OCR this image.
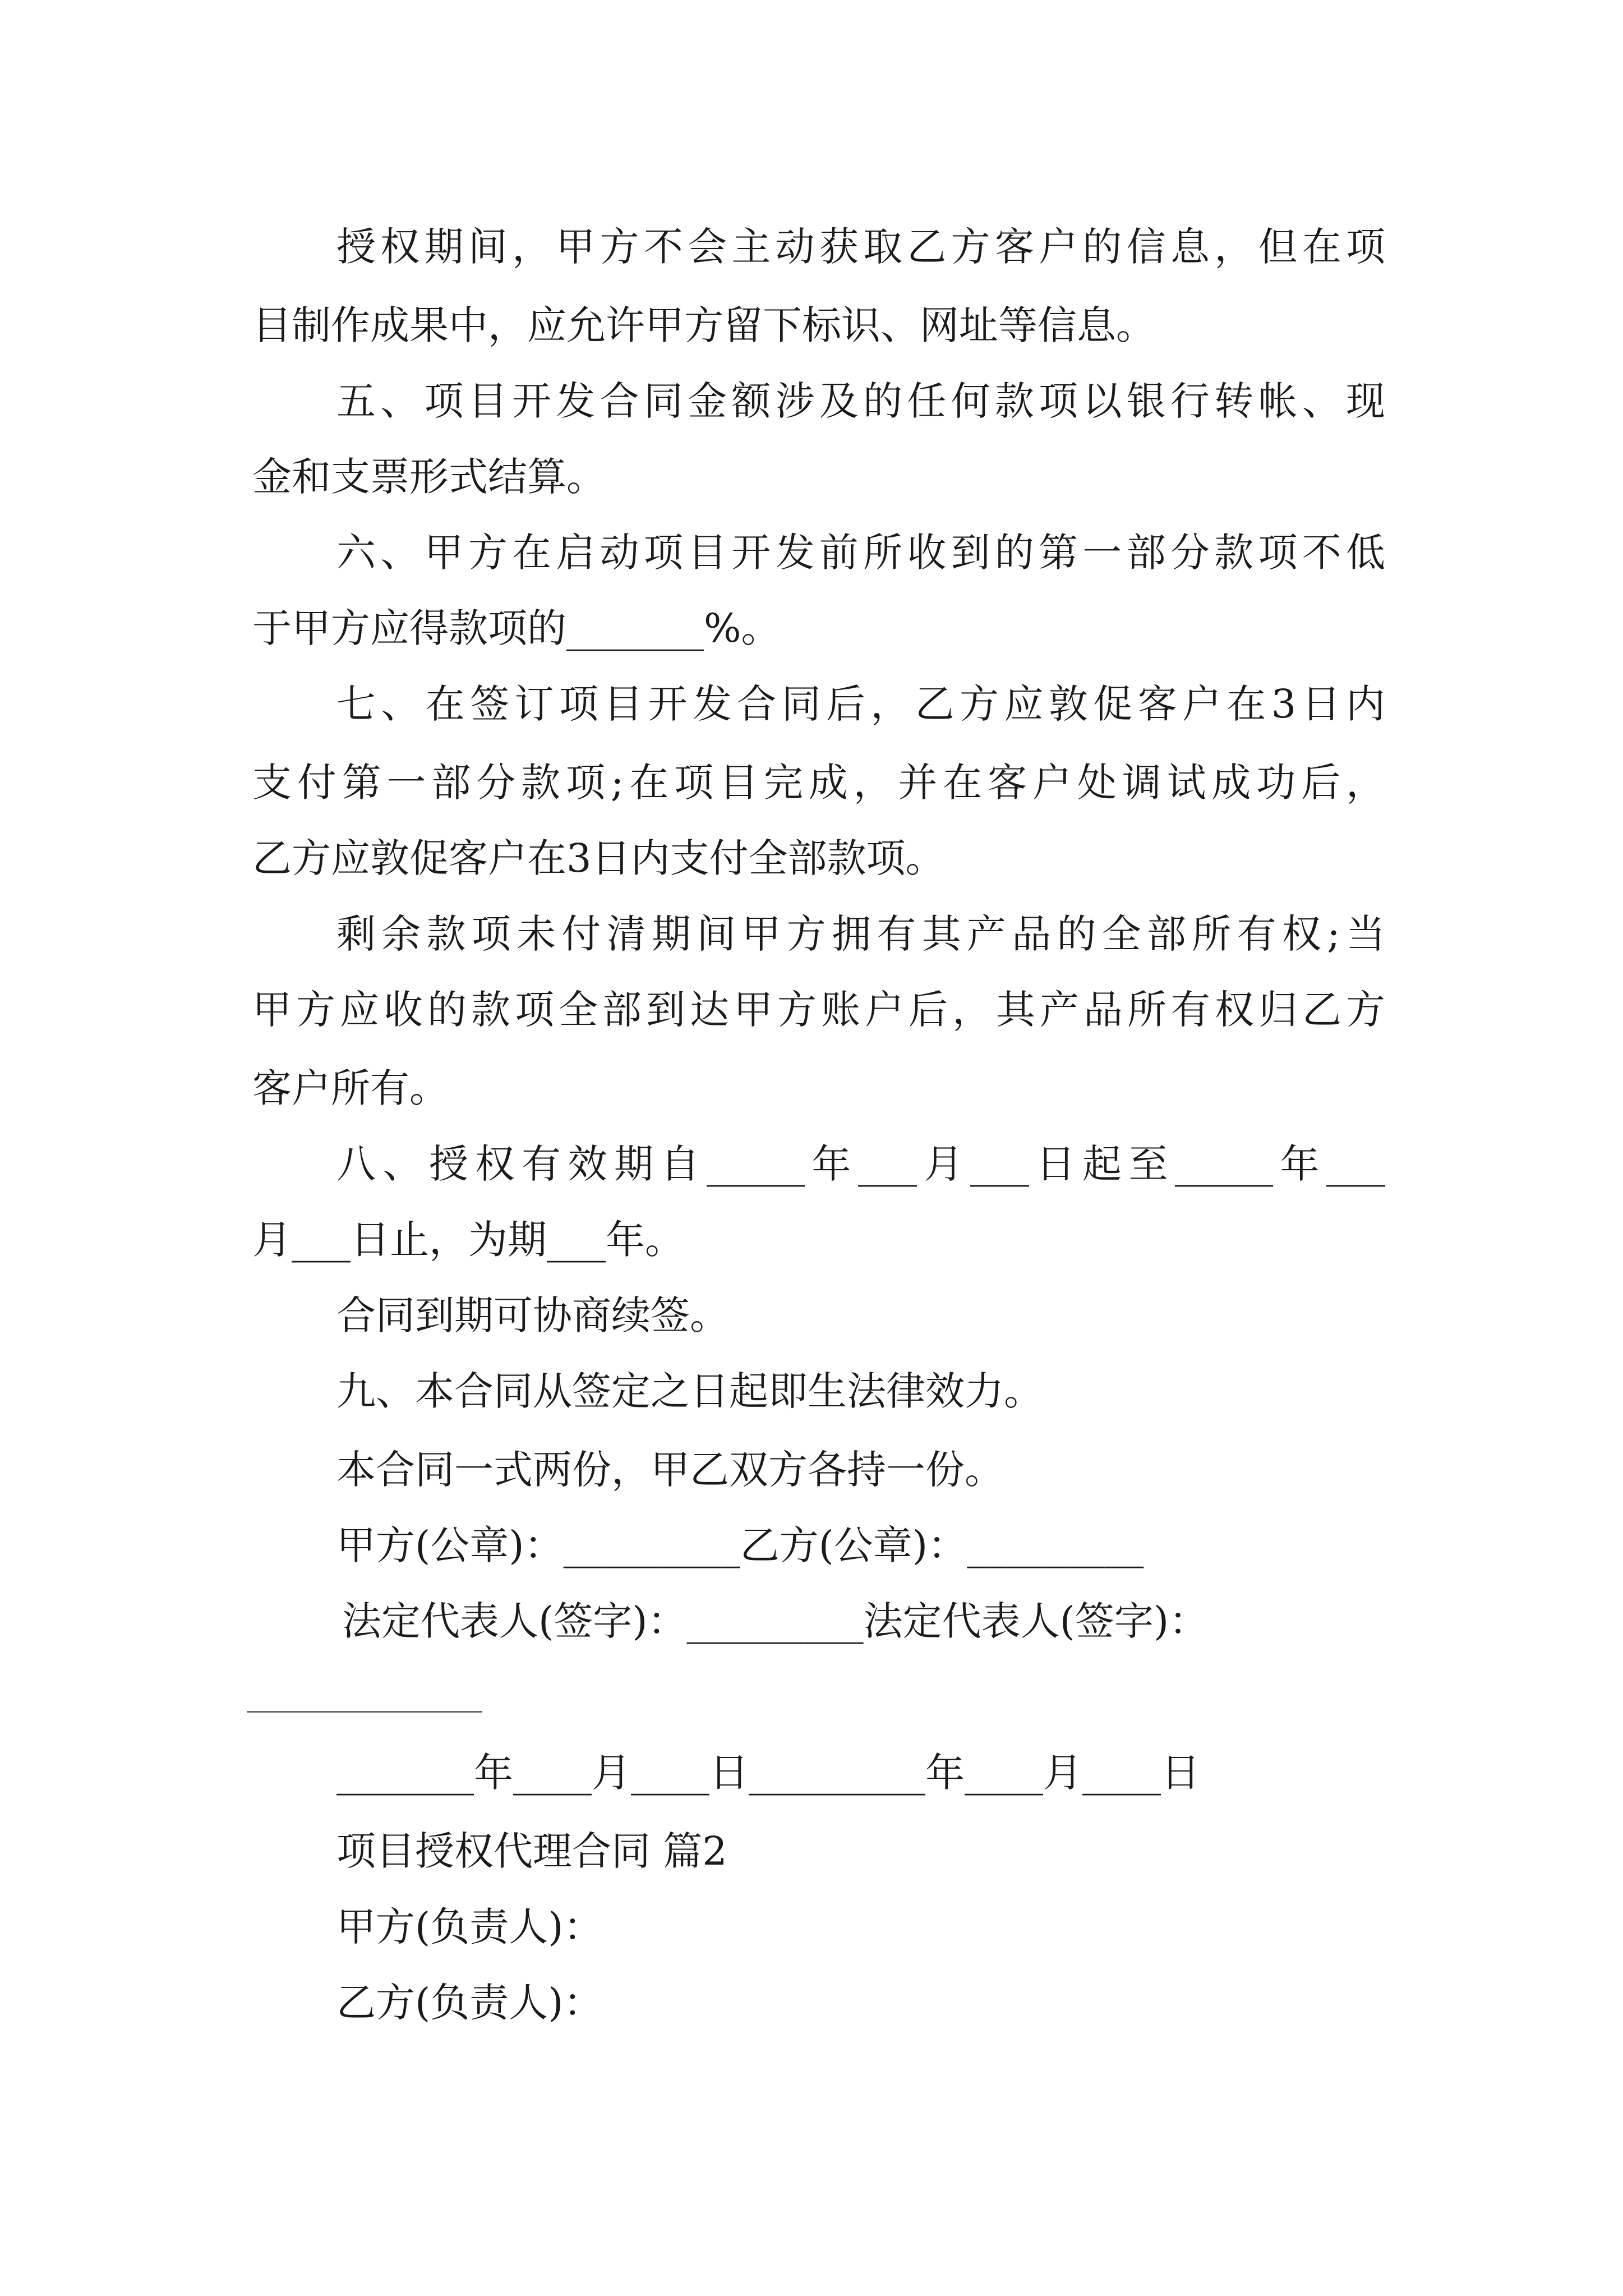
授权期间，甲方不会主动获取乙方客户的信息，但在项
目制作成果中，应允许甲方留下标识、网址等信息。
五、项目开发合同金额涉及的任何款项以银行转帐、现
金和支票形式结算。
六、甲方在启动项目开发前所收到的第一部分款项不低
于甲方应得款项的_______%。
七、在签订项目开发合同后，乙方应敦促客户在3日内
支付第一部分款项;在项目完成，并在客户处调试成功后，
乙方应敦促客户在3日内支付全部款项。
剩余款项未付清期间甲方拥有其产品的全部所有权;当
甲方应收的款项全部到达甲方账户后，其产品所有权归乙方
客户所有。
八、授权有效期自_____年___月___日起至_____年___
月___日止，为期___年。
合同到期可协商续签。
九、本合同从签定之日起即生法律效力。
本合同一式两份，甲乙双方各持一份。
甲方(公章)：_________乙方(公章)：_________
法定代表人(签字)：_________法定代表人(签字)：
_______年____月____日_________年____月____日
项目授权代理合同 篇2
甲方(负责人)：
乙方(负责人)：
